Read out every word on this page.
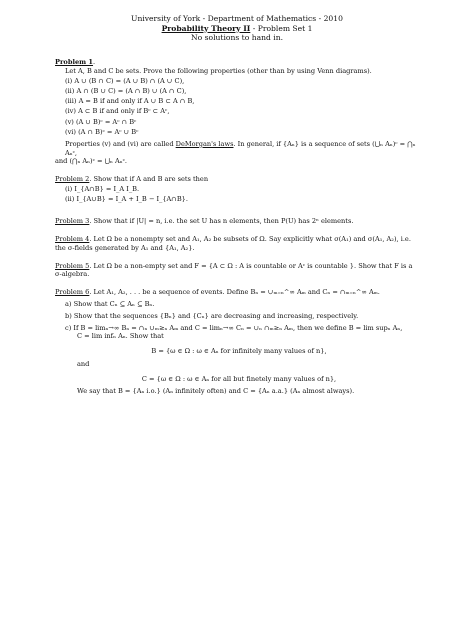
University of York - Department of Mathematics - 2010
Probability Theory II - Problem Set 1
No solutions to hand in.
Problem 1.
Let A, B and C be sets. Prove the following properties (other than by using Venn diagrams).
(i) A ∪ (B ∩ C) = (A ∪ B) ∩ (A ∪ C),
(ii) A ∩ (B ∪ C) = (A ∩ B) ∪ (A ∩ C),
(iii) A = B if and only if A ∪ B ⊂ A ∩ B,
(iv) A ⊂ B if and only if Bᶜ ⊂ Aᶜ,
(v) (A ∪ B)ᶜ = Aᶜ ∩ Bᶜ
(vi) (A ∩ B)ᶜ = Aᶜ ∪ Bᶜ
Properties (v) and (vi) are called DeMorgan's laws. In general, if {Aₙ} is a sequence of sets (⋃ₙ Aₙ)ᶜ = ⋂ₙ Aₙᶜ,
and (⋂ₙ Aₙ)ᶜ = ⋃ₙ Aₙᶜ.
Problem 2. Show that if A and B are sets then
(i) I_{A∩B} = I_A I_B.
(ii) I_{A∪B} = I_A + I_B − I_{A∩B}.
Problem 3. Show that if |U| = n, i.e. the set U has n elements, then P(U) has 2ⁿ elements.
Problem 4. Let Ω be a nonempty set and A₁, A₂ be subsets of Ω. Say explicitly what σ(A₁) and σ(A₁, A₂), i.e.
the σ-fields generated by A₁ and {A₁, A₂}.
Problem 5. Let Ω be a non-empty set and F = {A ⊂ Ω : A is countable or Aᶜ is countable }. Show that F is a
σ-algebra.
Problem 6. Let A₁, A₂, . . . be a sequence of events. Define Bₙ = ∪ₘ₌ₙ^∞ Aₘ and Cₙ = ∩ₘ₌ₙ^∞ Aₘ.
a) Show that Cₙ ⊆ Aₙ ⊆ Bₙ.
b) Show that the sequences {Bₙ} and {Cₙ} are decreasing and increasing, respectively.
c) If B = limₙ→∞ Bₙ = ∩ₙ ∪ₘ≥ₙ Aₘ and C = limₙ→∞ Cₙ = ∪ₙ ∩ₘ≥ₙ Aₘ, then we define B = lim supₙ Aₙ,
C = lim infₙ Aₙ. Show that
B = {ω ∈ Ω : ω ∈ Aₙ for infinitely many values of n},
and
C = {ω ∈ Ω : ω ∈ Aₙ for all but finetely many values of n},
We say that B = {Aₙ i.o.} (Aₙ infinitely often) and C = {Aₙ a.a.} (Aₙ almost always).
